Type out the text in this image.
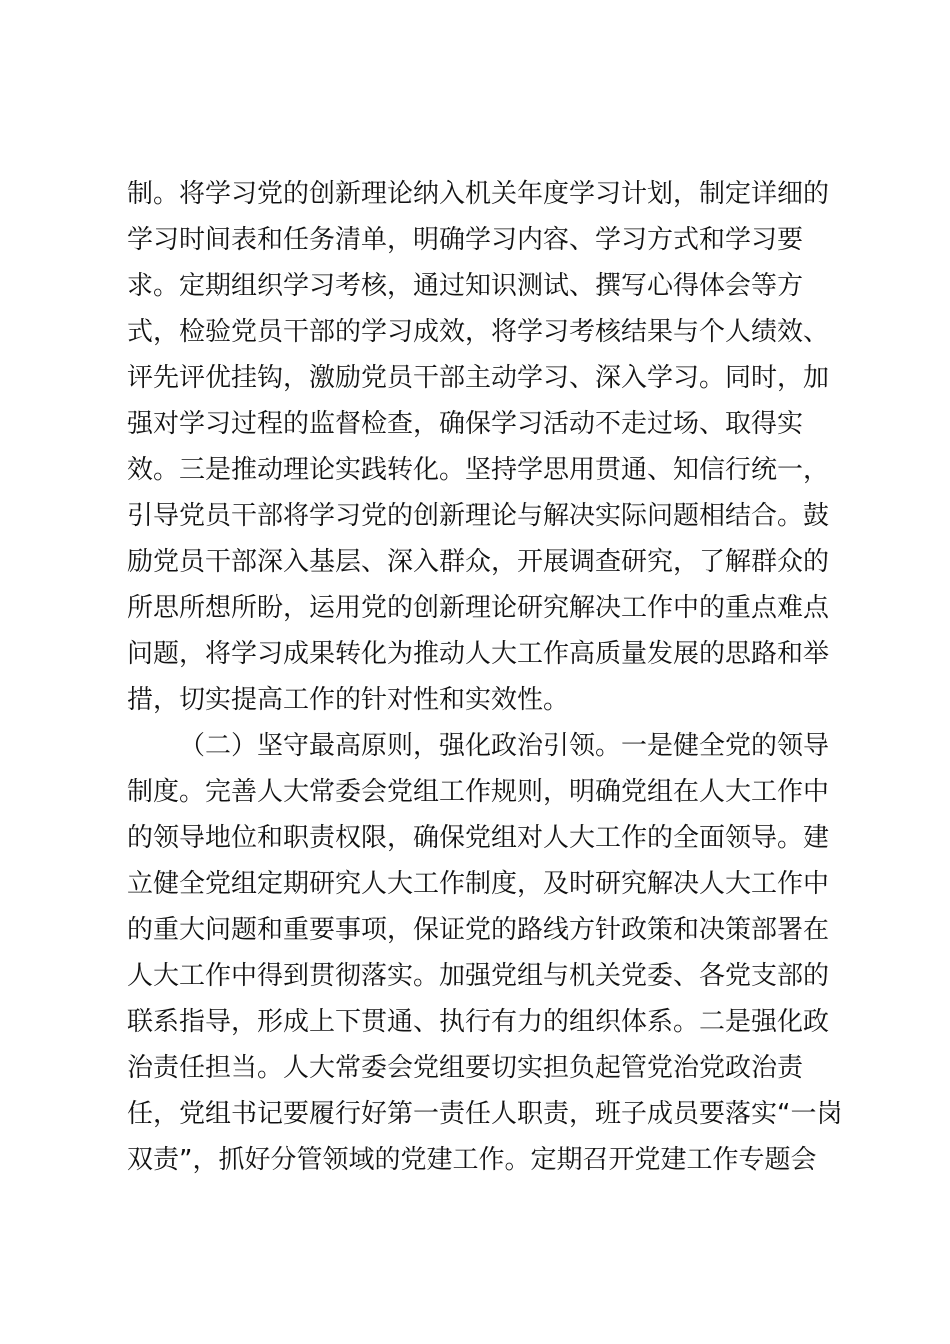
制。将学习党的创新理论纳入机关年度学习计划，制定详细的
学习时间表和任务清单，明确学习内容、学习方式和学习要
求。定期组织学习考核，通过知识测试、撰写心得体会等方
式，检验党员干部的学习成效，将学习考核结果与个人绩效、
评先评优挂钩，激励党员干部主动学习、深入学习。同时，加
强对学习过程的监督检查，确保学习活动不走过场、取得实
效。三是推动理论实践转化。坚持学思用贯通、知信行统一，
引导党员干部将学习党的创新理论与解决实际问题相结合。鼓
励党员干部深入基层、深入群众，开展调查研究，了解群众的
所思所想所盼，运用党的创新理论研究解决工作中的重点难点
问题，将学习成果转化为推动人大工作高质量发展的思路和举
措，切实提高工作的针对性和实效性。
（二）坚守最高原则，强化政治引领。一是健全党的领导
制度。完善人大常委会党组工作规则，明确党组在人大工作中
的领导地位和职责权限，确保党组对人大工作的全面领导。建
立健全党组定期研究人大工作制度，及时研究解决人大工作中
的重大问题和重要事项，保证党的路线方针政策和决策部署在
人大工作中得到贯彻落实。加强党组与机关党委、各党支部的
联系指导，形成上下贯通、执行有力的组织体系。二是强化政
治责任担当。人大常委会党组要切实担负起管党治党政治责
任，党组书记要履行好第一责任人职责，班子成员要落实“一岗
双责”，抓好分管领域的党建工作。定期召开党建工作专题会
